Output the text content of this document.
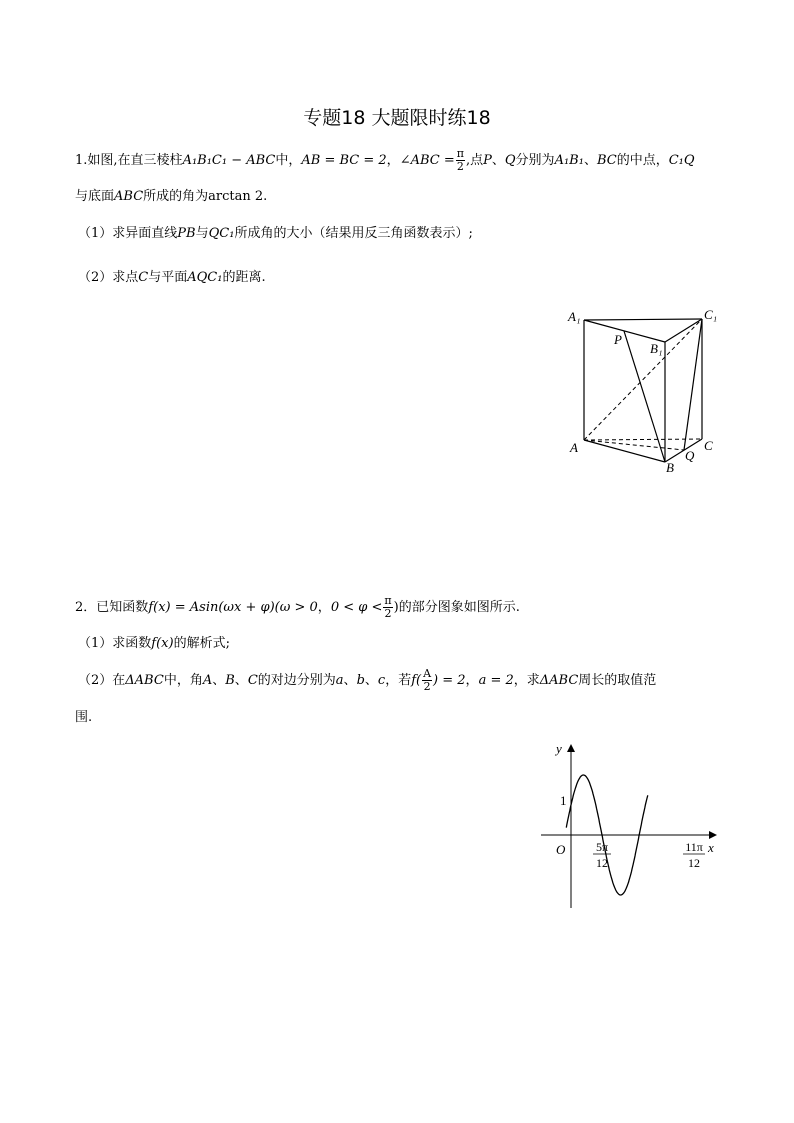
专题18 大题限时练18
1.如图,在直三棱柱A₁B₁C₁ − ABC中，AB = BC = 2，∠ABC = $\frac{\pi}{2}$ ,点P、Q分别为A₁B₁、BC的中点，C₁Q
与底面ABC所成的角为arctan 2.
（1）求异面直线PB与QC₁所成角的大小（结果用反三角函数表示）;
（2）求点C与平面AQC₁的距离.
A₁	C₁
P
B₁
A	C
Q
B
2．已知函数f(x) = Asin(ωx + φ)(ω > 0，$0 < \varphi < \frac{\pi}{2}$ )的部分图象如图所示.
（1）求函数f(x)的解析式;
（2）在ΔABC中，角A、B、C的对边分别为a、b、c，若$f( \frac{A}{2}$ ) = 2，a = 2，求ΔABC周长的取值范
围.
y
x
O
1
5π
12
11π
12
